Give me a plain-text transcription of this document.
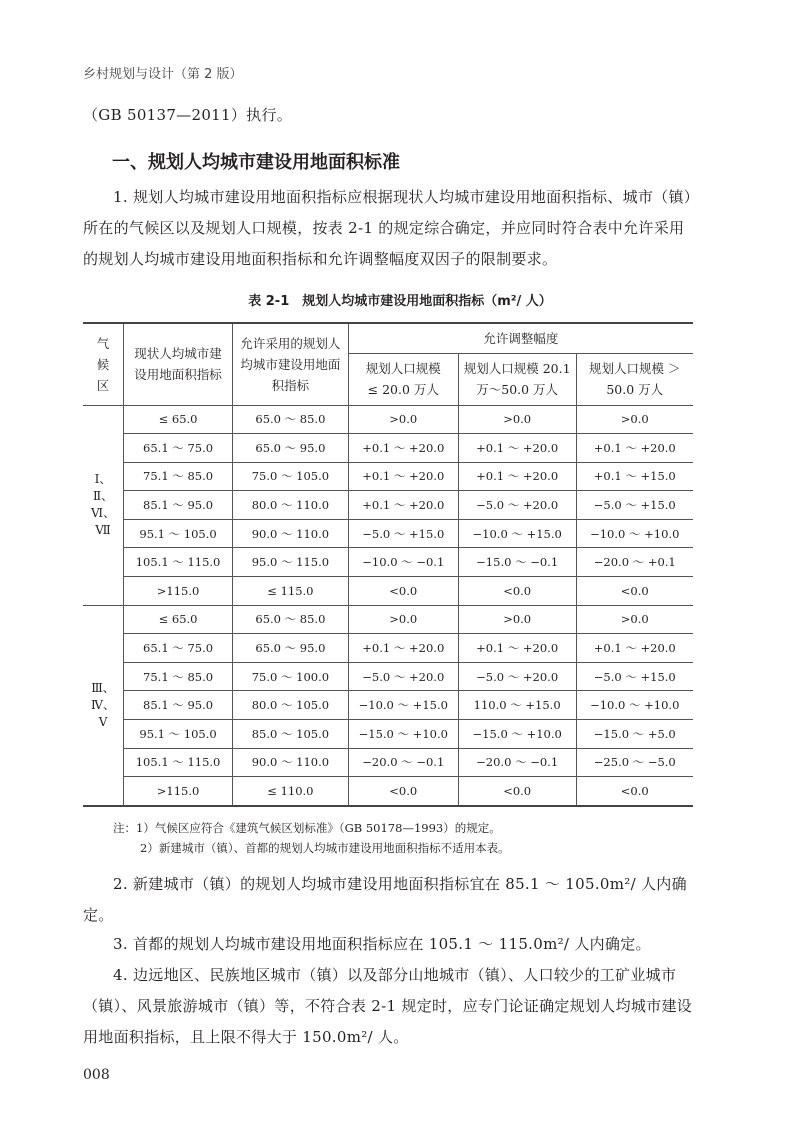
乡村规划与设计（第 2 版）
（GB 50137—2011）执行。
一、规划人均城市建设用地面积标准
1. 规划人均城市建设用地面积指标应根据现状人均城市建设用地面积指标、城市（镇）所在的气候区以及规划人口规模，按表 2-1 的规定综合确定，并应同时符合表中允许采用的规划人均城市建设用地面积指标和允许调整幅度双因子的限制要求。
表 2-1　规划人均城市建设用地面积指标（m²/ 人）
气候区	现状人均城市建设用地面积指标	允许采用的规划人均城市建设用地面积指标	允许调整幅度		
			规划人口规模 ≤ 20.0 万人	规划人口规模 20.1 万～50.0 万人	规划人口规模 ＞ 50.0 万人
Ⅰ、Ⅱ、Ⅵ、Ⅶ	≤ 65.0	65.0 ～ 85.0	>0.0	>0.0	>0.0
	65.1 ～ 75.0	65.0 ～ 95.0	+0.1 ～ +20.0	+0.1 ～ +20.0	+0.1 ～ +20.0
	75.1 ～ 85.0	75.0 ～ 105.0	+0.1 ～ +20.0	+0.1 ～ +20.0	+0.1 ～ +15.0
	85.1 ～ 95.0	80.0 ～ 110.0	+0.1 ～ +20.0	−5.0 ～ +20.0	−5.0 ～ +15.0
	95.1 ～ 105.0	90.0 ～ 110.0	−5.0 ～ +15.0	−10.0 ～ +15.0	−10.0 ～ +10.0
	105.1 ～ 115.0	95.0 ～ 115.0	−10.0 ～ −0.1	−15.0 ～ −0.1	−20.0 ～ +0.1
	>115.0	≤ 115.0	<0.0	<0.0	<0.0
Ⅲ、Ⅳ、Ⅴ	≤ 65.0	65.0 ～ 85.0	>0.0	>0.0	>0.0
	65.1 ～ 75.0	65.0 ～ 95.0	+0.1 ～ +20.0	+0.1 ～ +20.0	+0.1 ～ +20.0
	75.1 ～ 85.0	75.0 ～ 100.0	−5.0 ～ +20.0	−5.0 ～ +20.0	−5.0 ～ +15.0
	85.1 ～ 95.0	80.0 ～ 105.0	−10.0 ～ +15.0	110.0 ～ +15.0	−10.0 ～ +10.0
	95.1 ～ 105.0	85.0 ～ 105.0	−15.0 ～ +10.0	−15.0 ～ +10.0	−15.0 ～ +5.0
	105.1 ～ 115.0	90.0 ～ 110.0	−20.0 ～ −0.1	−20.0 ～ −0.1	−25.0 ～ −5.0
	>115.0	≤ 110.0	<0.0	<0.0	<0.0
注：1）气候区应符合《建筑气候区划标准》（GB 50178—1993）的规定。
2）新建城市（镇）、首都的规划人均城市建设用地面积指标不适用本表。
2. 新建城市（镇）的规划人均城市建设用地面积指标宜在 85.1 ～ 105.0m²/ 人内确定。
3. 首都的规划人均城市建设用地面积指标应在 105.1 ～ 115.0m²/ 人内确定。
4. 边远地区、民族地区城市（镇）以及部分山地城市（镇）、人口较少的工矿业城市（镇）、风景旅游城市（镇）等，不符合表 2-1 规定时，应专门论证确定规划人均城市建设用地面积指标，且上限不得大于 150.0m²/ 人。
008
